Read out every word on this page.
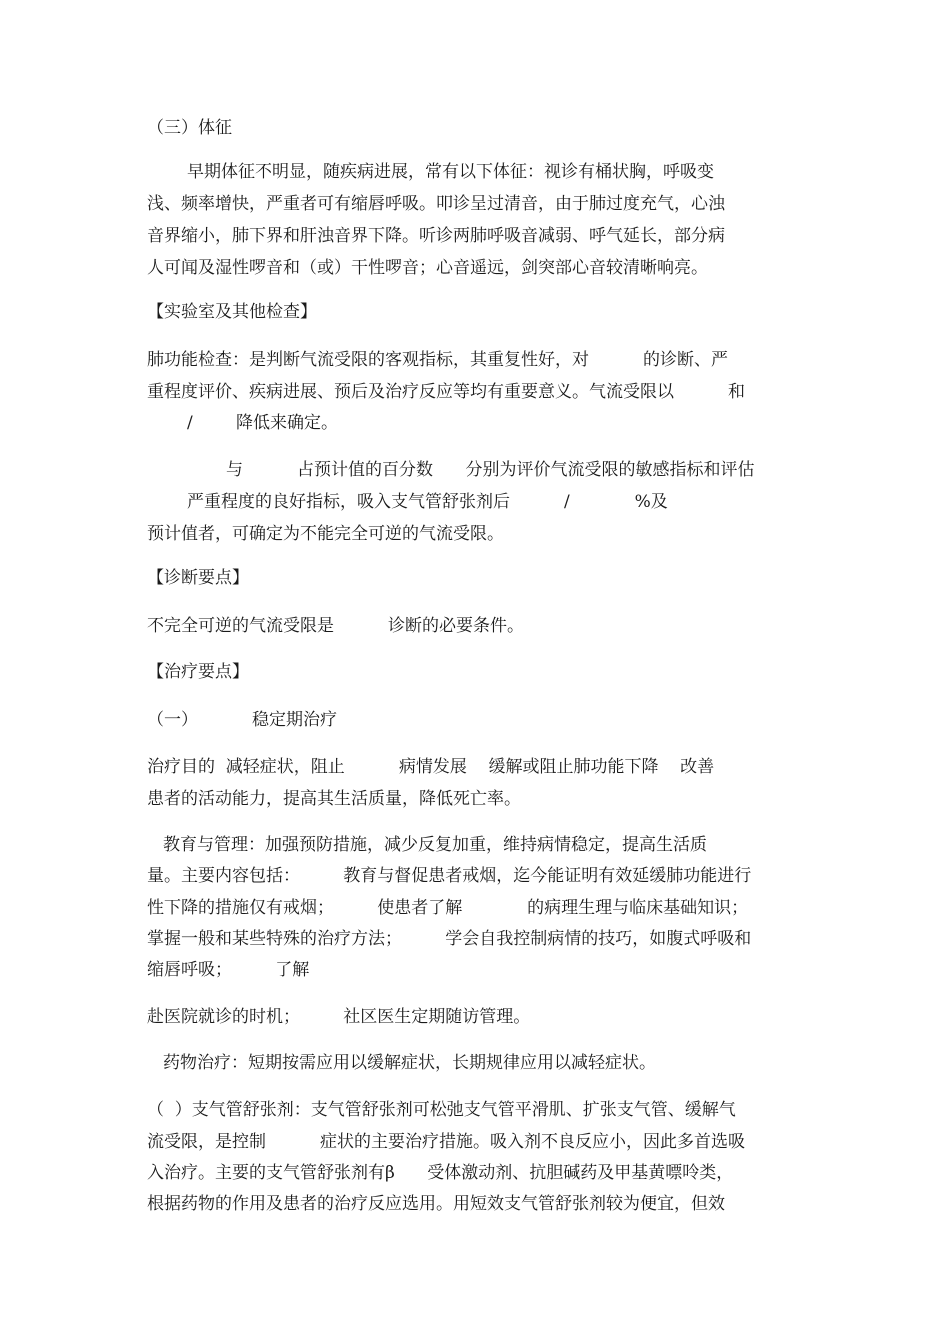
（三）体征
早期体征不明显，随疾病进展，常有以下体征：视诊有桶状胸，呼吸变
浅、频率增快，严重者可有缩唇呼吸。叩诊呈过清音，由于肺过度充气，心浊
音界缩小，肺下界和肝浊音界下降。听诊两肺呼吸音减弱、呼气延长，部分病
人可闻及湿性啰音和（或）干性啰音；心音遥远，剑突部心音较清晰响亮。
【实验室及其他检查】
肺功能检查：是判断气流受限的客观指标，其重复性好，对          的诊断、严
重程度评价、疾病进展、预后及治疗反应等均有重要意义。气流受限以          和
/        降低来确定。
与          占预计值的百分数      分别为评价气流受限的敏感指标和评估
严重程度的良好指标，吸入支气管舒张剂后          /            %及
预计值者，可确定为不能完全可逆的气流受限。
【诊断要点】
不完全可逆的气流受限是          诊断的必要条件。
【治疗要点】
（一）          稳定期治疗
治疗目的  减轻症状，阻止          病情发展    缓解或阻止肺功能下降    改善
患者的活动能力，提高其生活质量，降低死亡率。
教育与管理：加强预防措施，减少反复加重，维持病情稳定，提高生活质
量。主要内容包括：        教育与督促患者戒烟，迄今能证明有效延缓肺功能进行
性下降的措施仅有戒烟；        使患者了解            的病理生理与临床基础知识；
掌握一般和某些特殊的治疗方法；        学会自我控制病情的技巧，如腹式呼吸和
缩唇呼吸；        了解
赴医院就诊的时机；        社区医生定期随访管理。
药物治疗：短期按需应用以缓解症状，长期规律应用以减轻症状。
（  ）支气管舒张剂：支气管舒张剂可松弛支气管平滑肌、扩张支气管、缓解气
流受限，是控制          症状的主要治疗措施。吸入剂不良反应小，因此多首选吸
入治疗。主要的支气管舒张剂有β      受体激动剂、抗胆碱药及甲基黄嘌呤类，
根据药物的作用及患者的治疗反应选用。用短效支气管舒张剂较为便宜，但效
